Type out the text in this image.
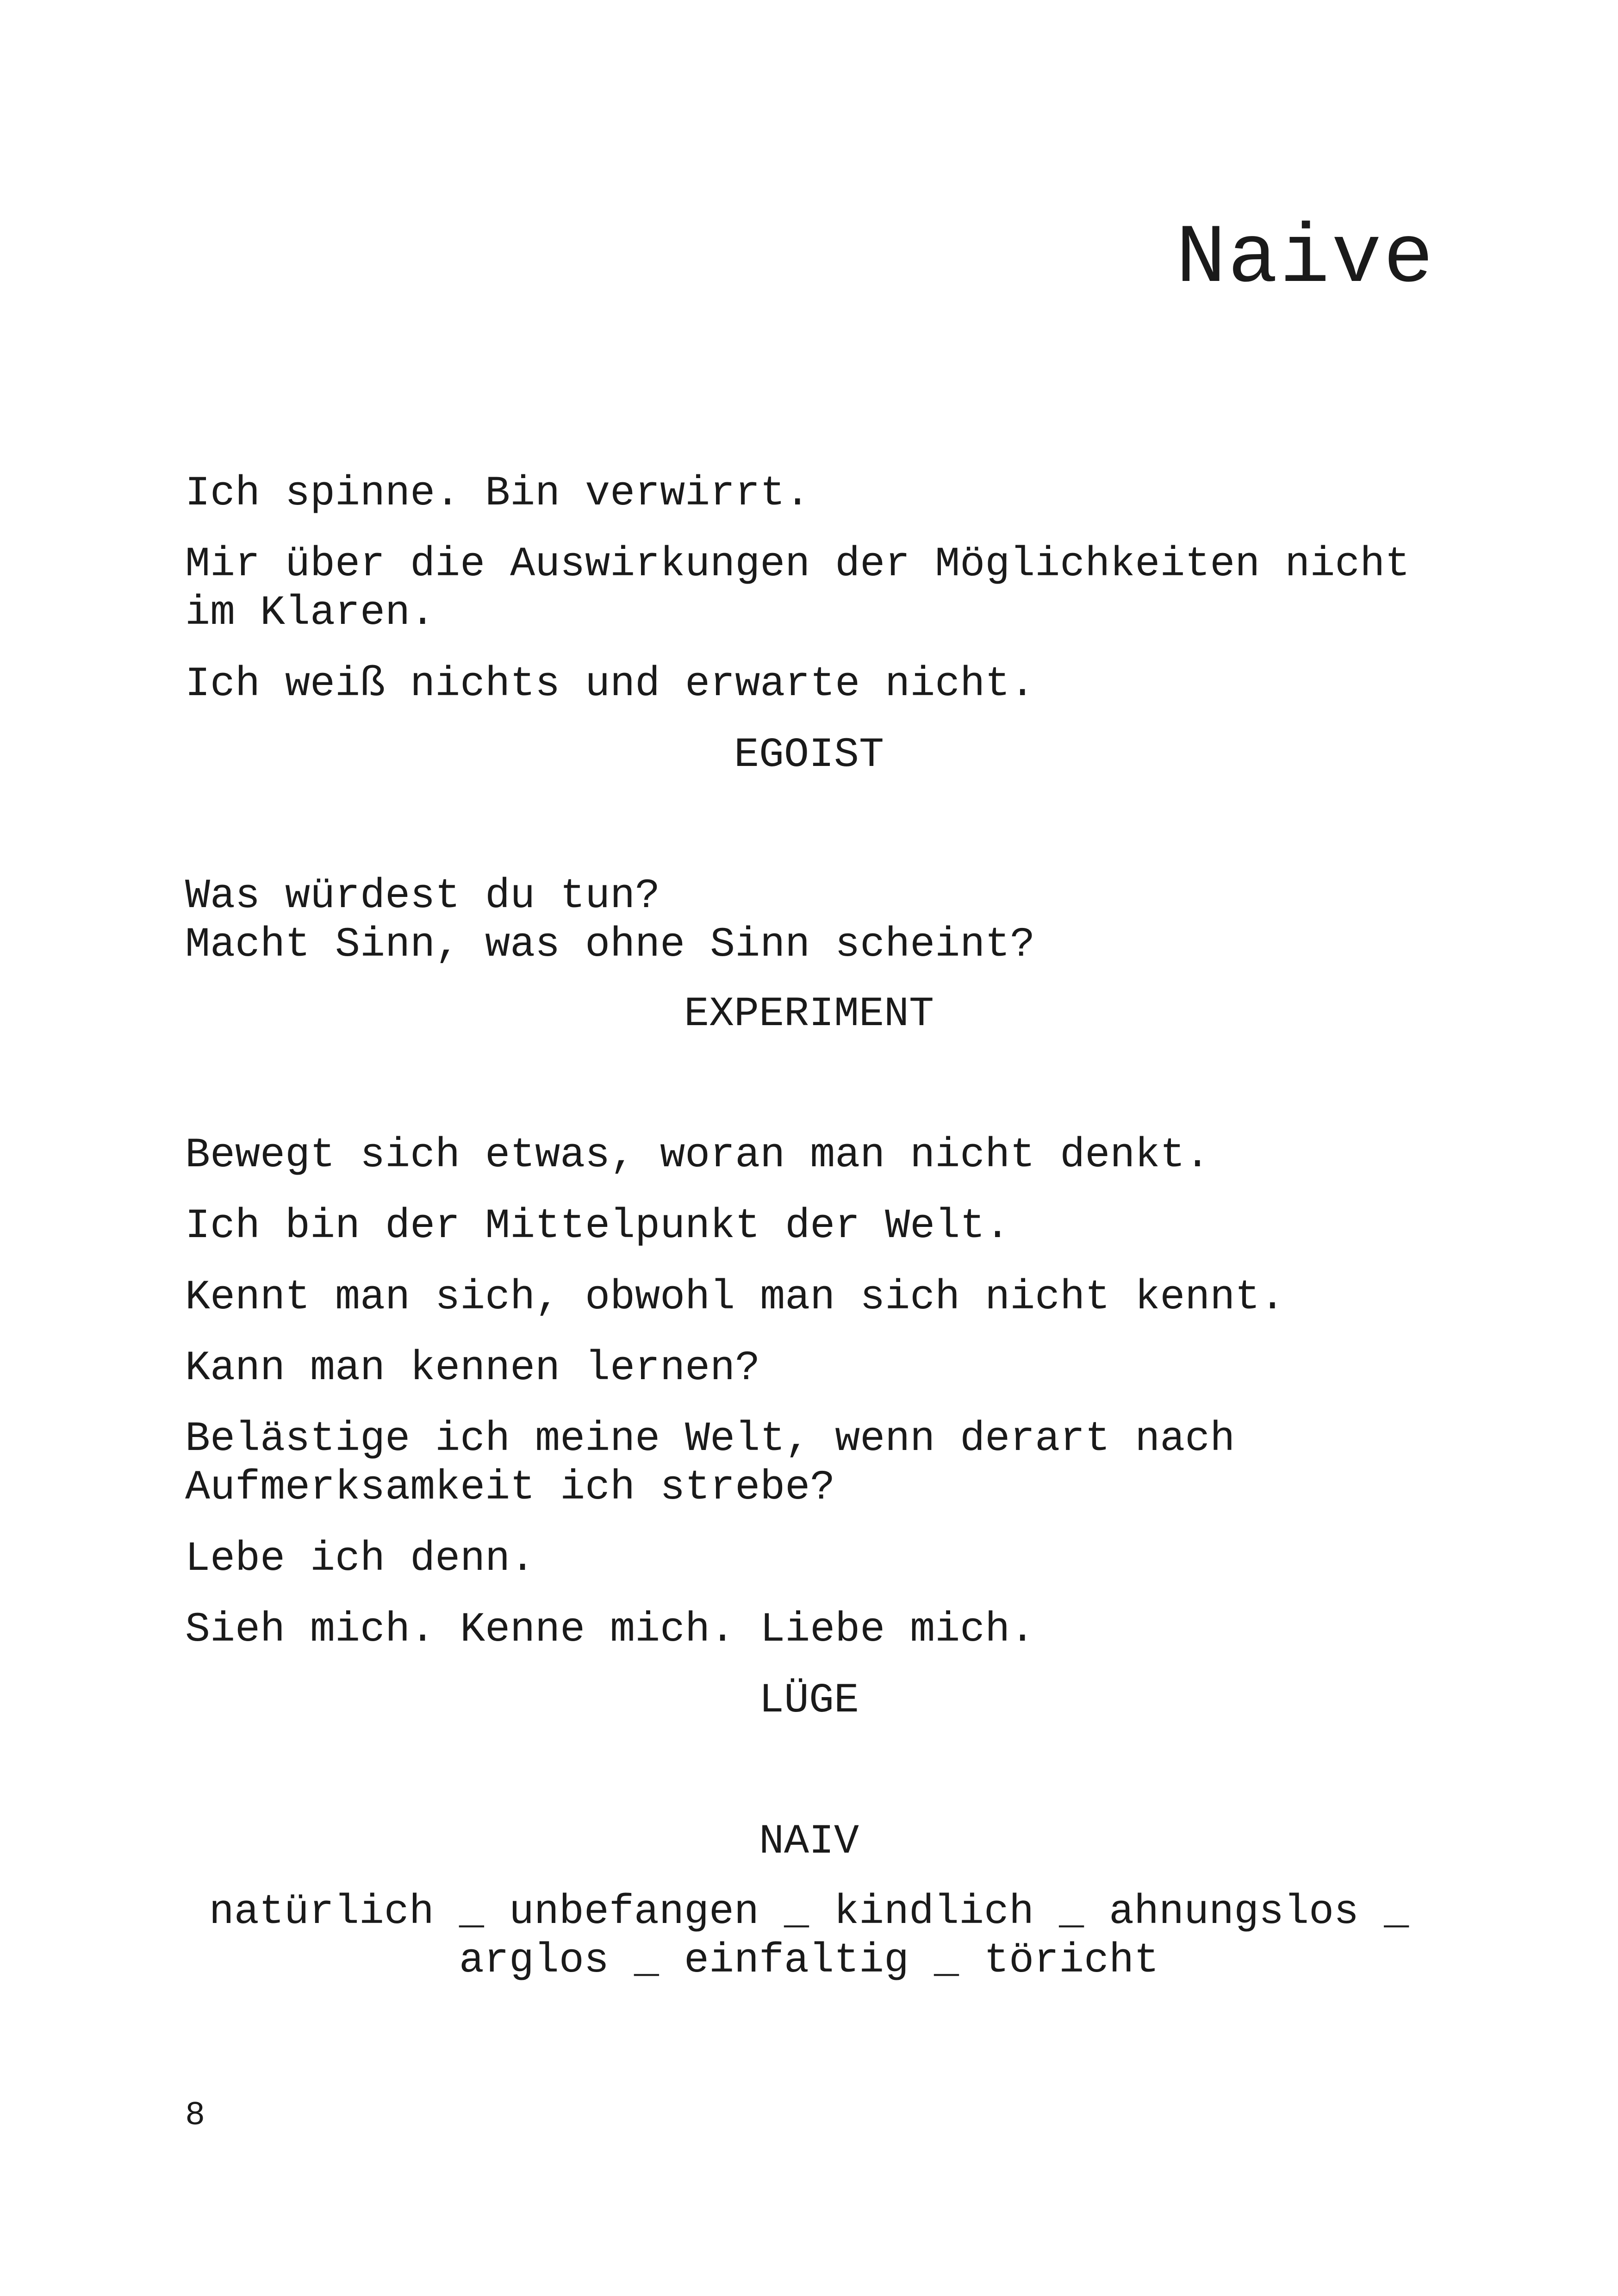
Naive
Ich spinne. Bin verwirrt.
Mir über die Auswirkungen der Möglichkeiten nicht
im Klaren.
Ich weiß nichts und erwarte nicht.
EGOIST
Was würdest du tun?
Macht Sinn, was ohne Sinn scheint?
EXPERIMENT
Bewegt sich etwas, woran man nicht denkt.
Ich bin der Mittelpunkt der Welt.
Kennt man sich, obwohl man sich nicht kennt.
Kann man kennen lernen?
Belästige ich meine Welt, wenn derart nach
Aufmerksamkeit ich strebe?
Lebe ich denn.
Sieh mich. Kenne mich. Liebe mich.
LÜGE
NAIV
natürlich _ unbefangen _ kindlich _ ahnungslos _
arglos _ einfaltig _ töricht
8
